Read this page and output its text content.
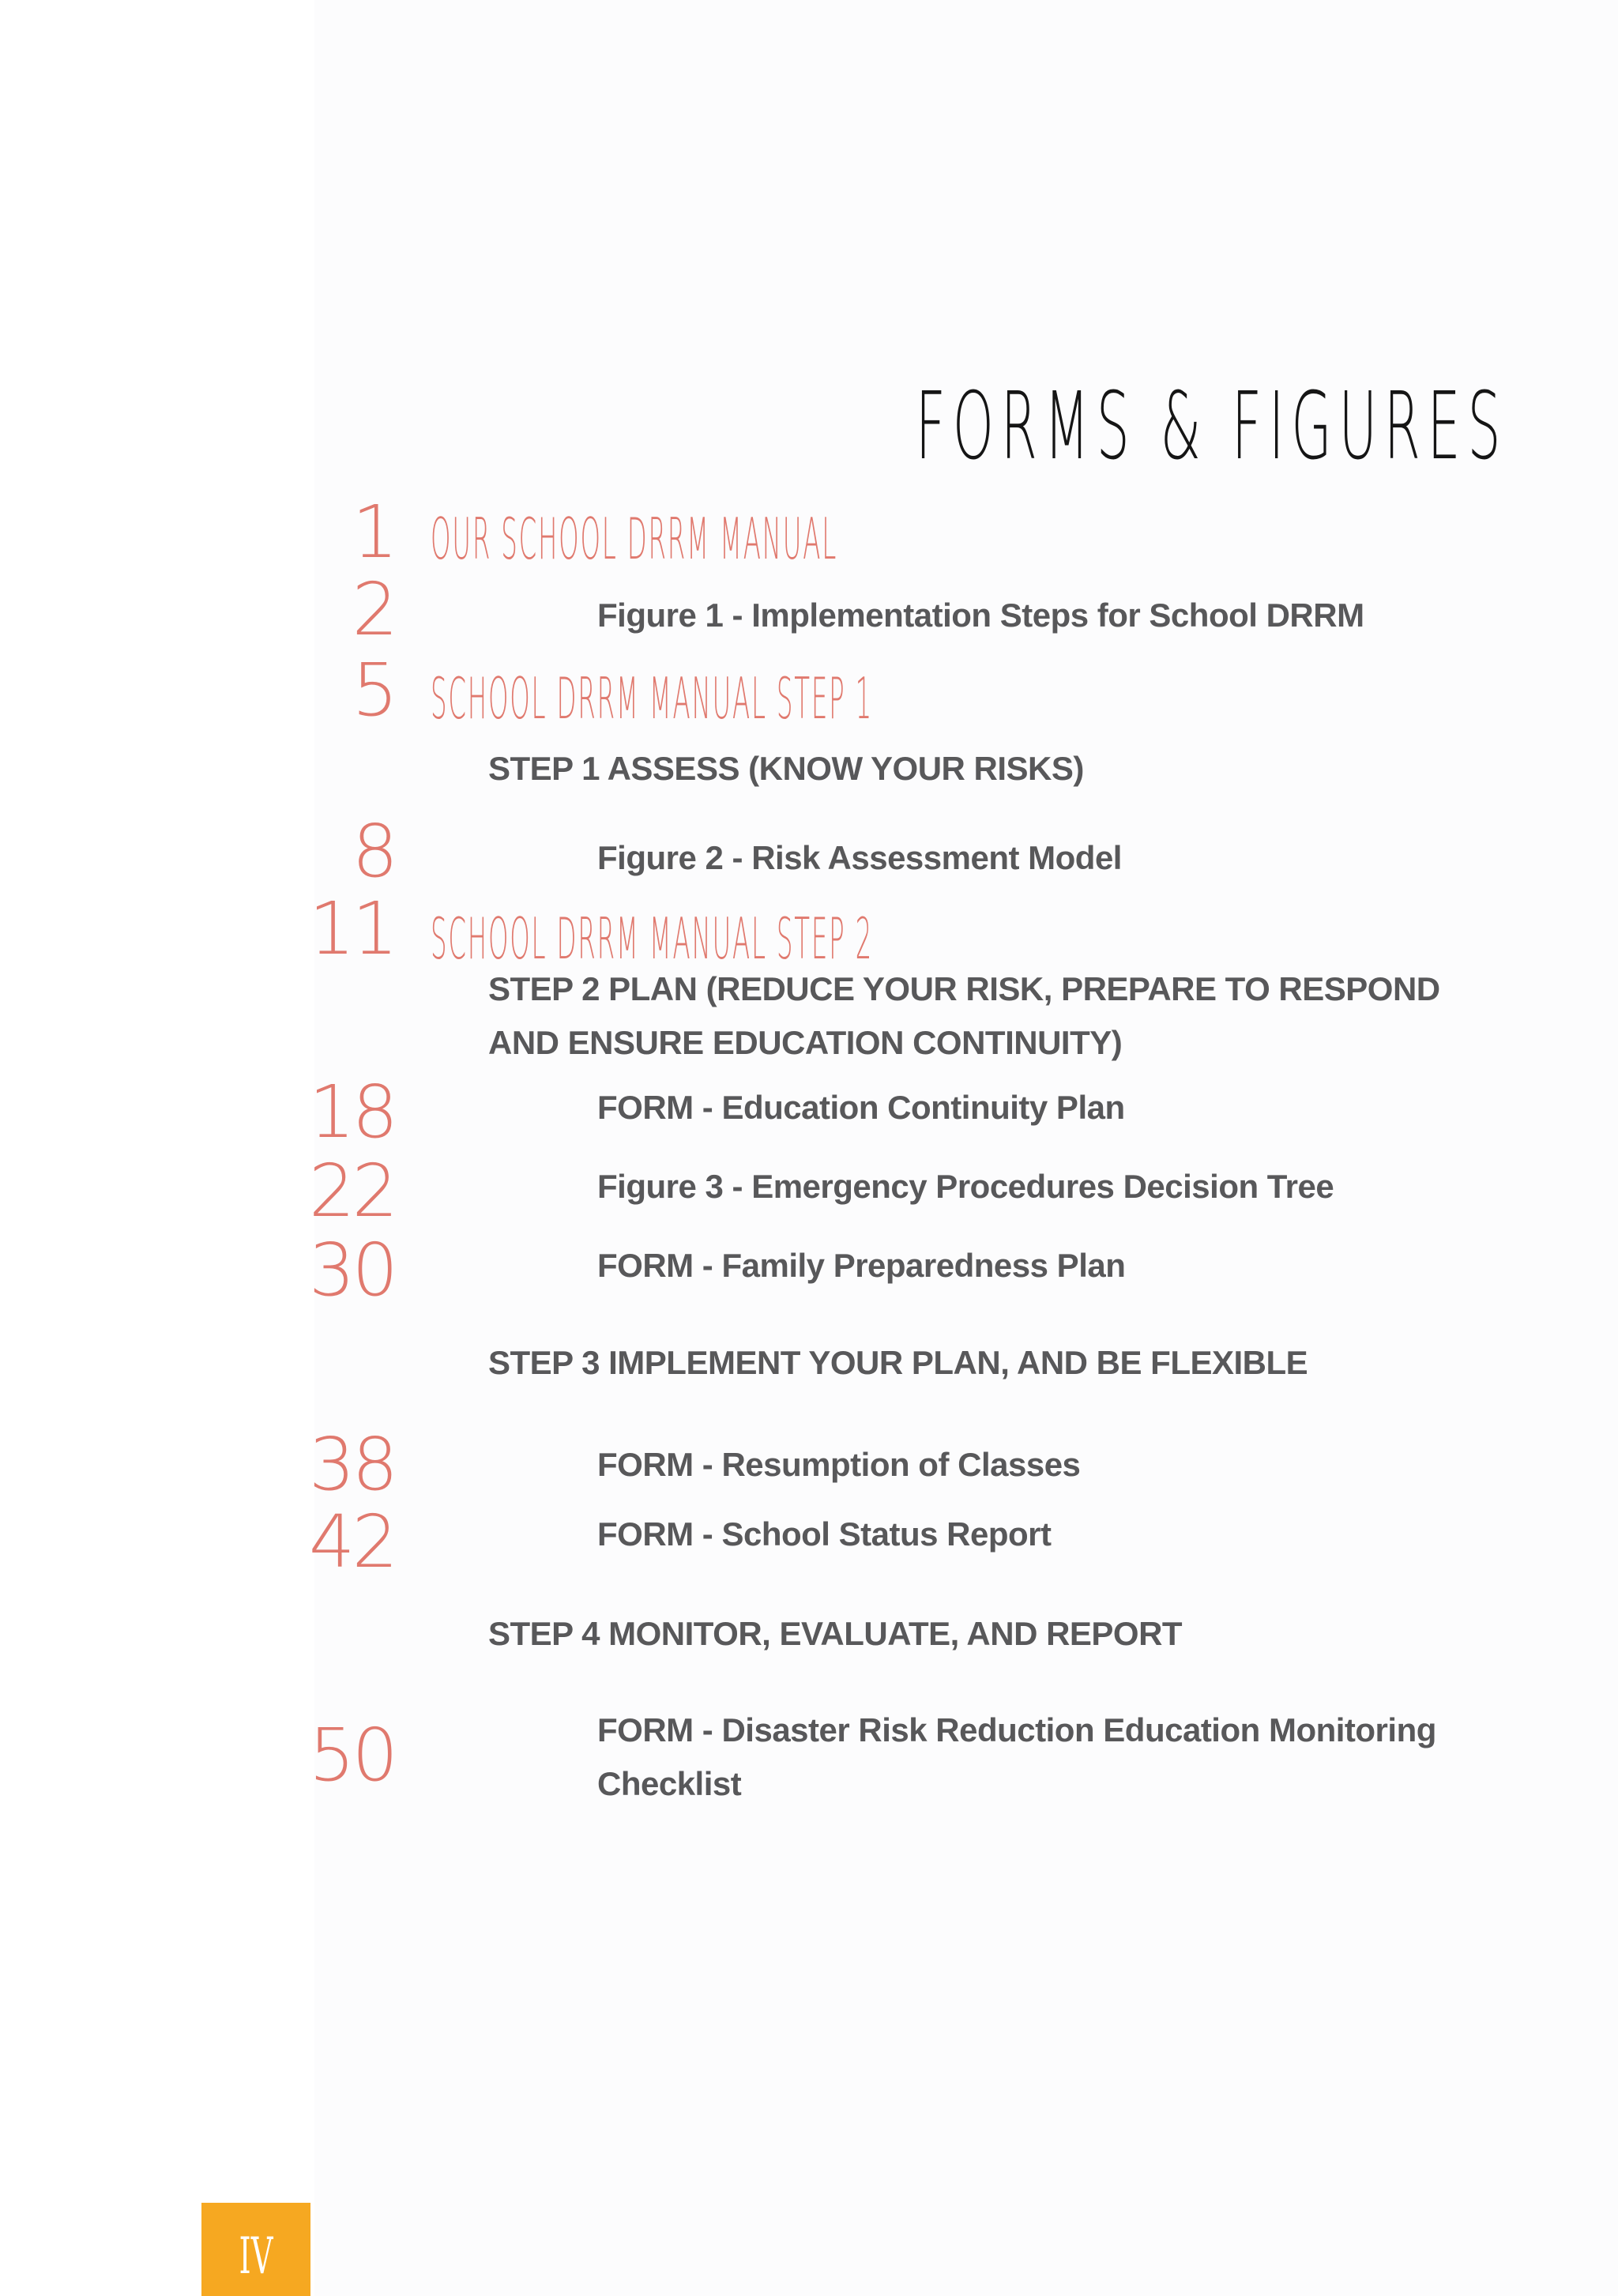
FORMS & FIGURES
1 OUR SCHOOL DRRM MANUAL
2	Figure 1 - Implementation Steps for School DRRM
5 SCHOOL DRRM MANUAL STEP 1
STEP 1 ASSESS (KNOW YOUR RISKS)
8	Figure 2 - Risk Assessment Model
11 SCHOOL DRRM MANUAL STEP 2
STEP 2 PLAN (REDUCE YOUR RISK, PREPARE TO RESPOND AND ENSURE EDUCATION CONTINUITY)
18	FORM - Education Continuity Plan
22	Figure 3 - Emergency Procedures Decision Tree
30	FORM - Family Preparedness Plan
STEP 3 IMPLEMENT YOUR PLAN, AND BE FLEXIBLE
38	FORM - Resumption of Classes
42	FORM - School Status Report
STEP 4 MONITOR, EVALUATE, AND REPORT
50	FORM - Disaster Risk Reduction Education Monitoring Checklist
IV
